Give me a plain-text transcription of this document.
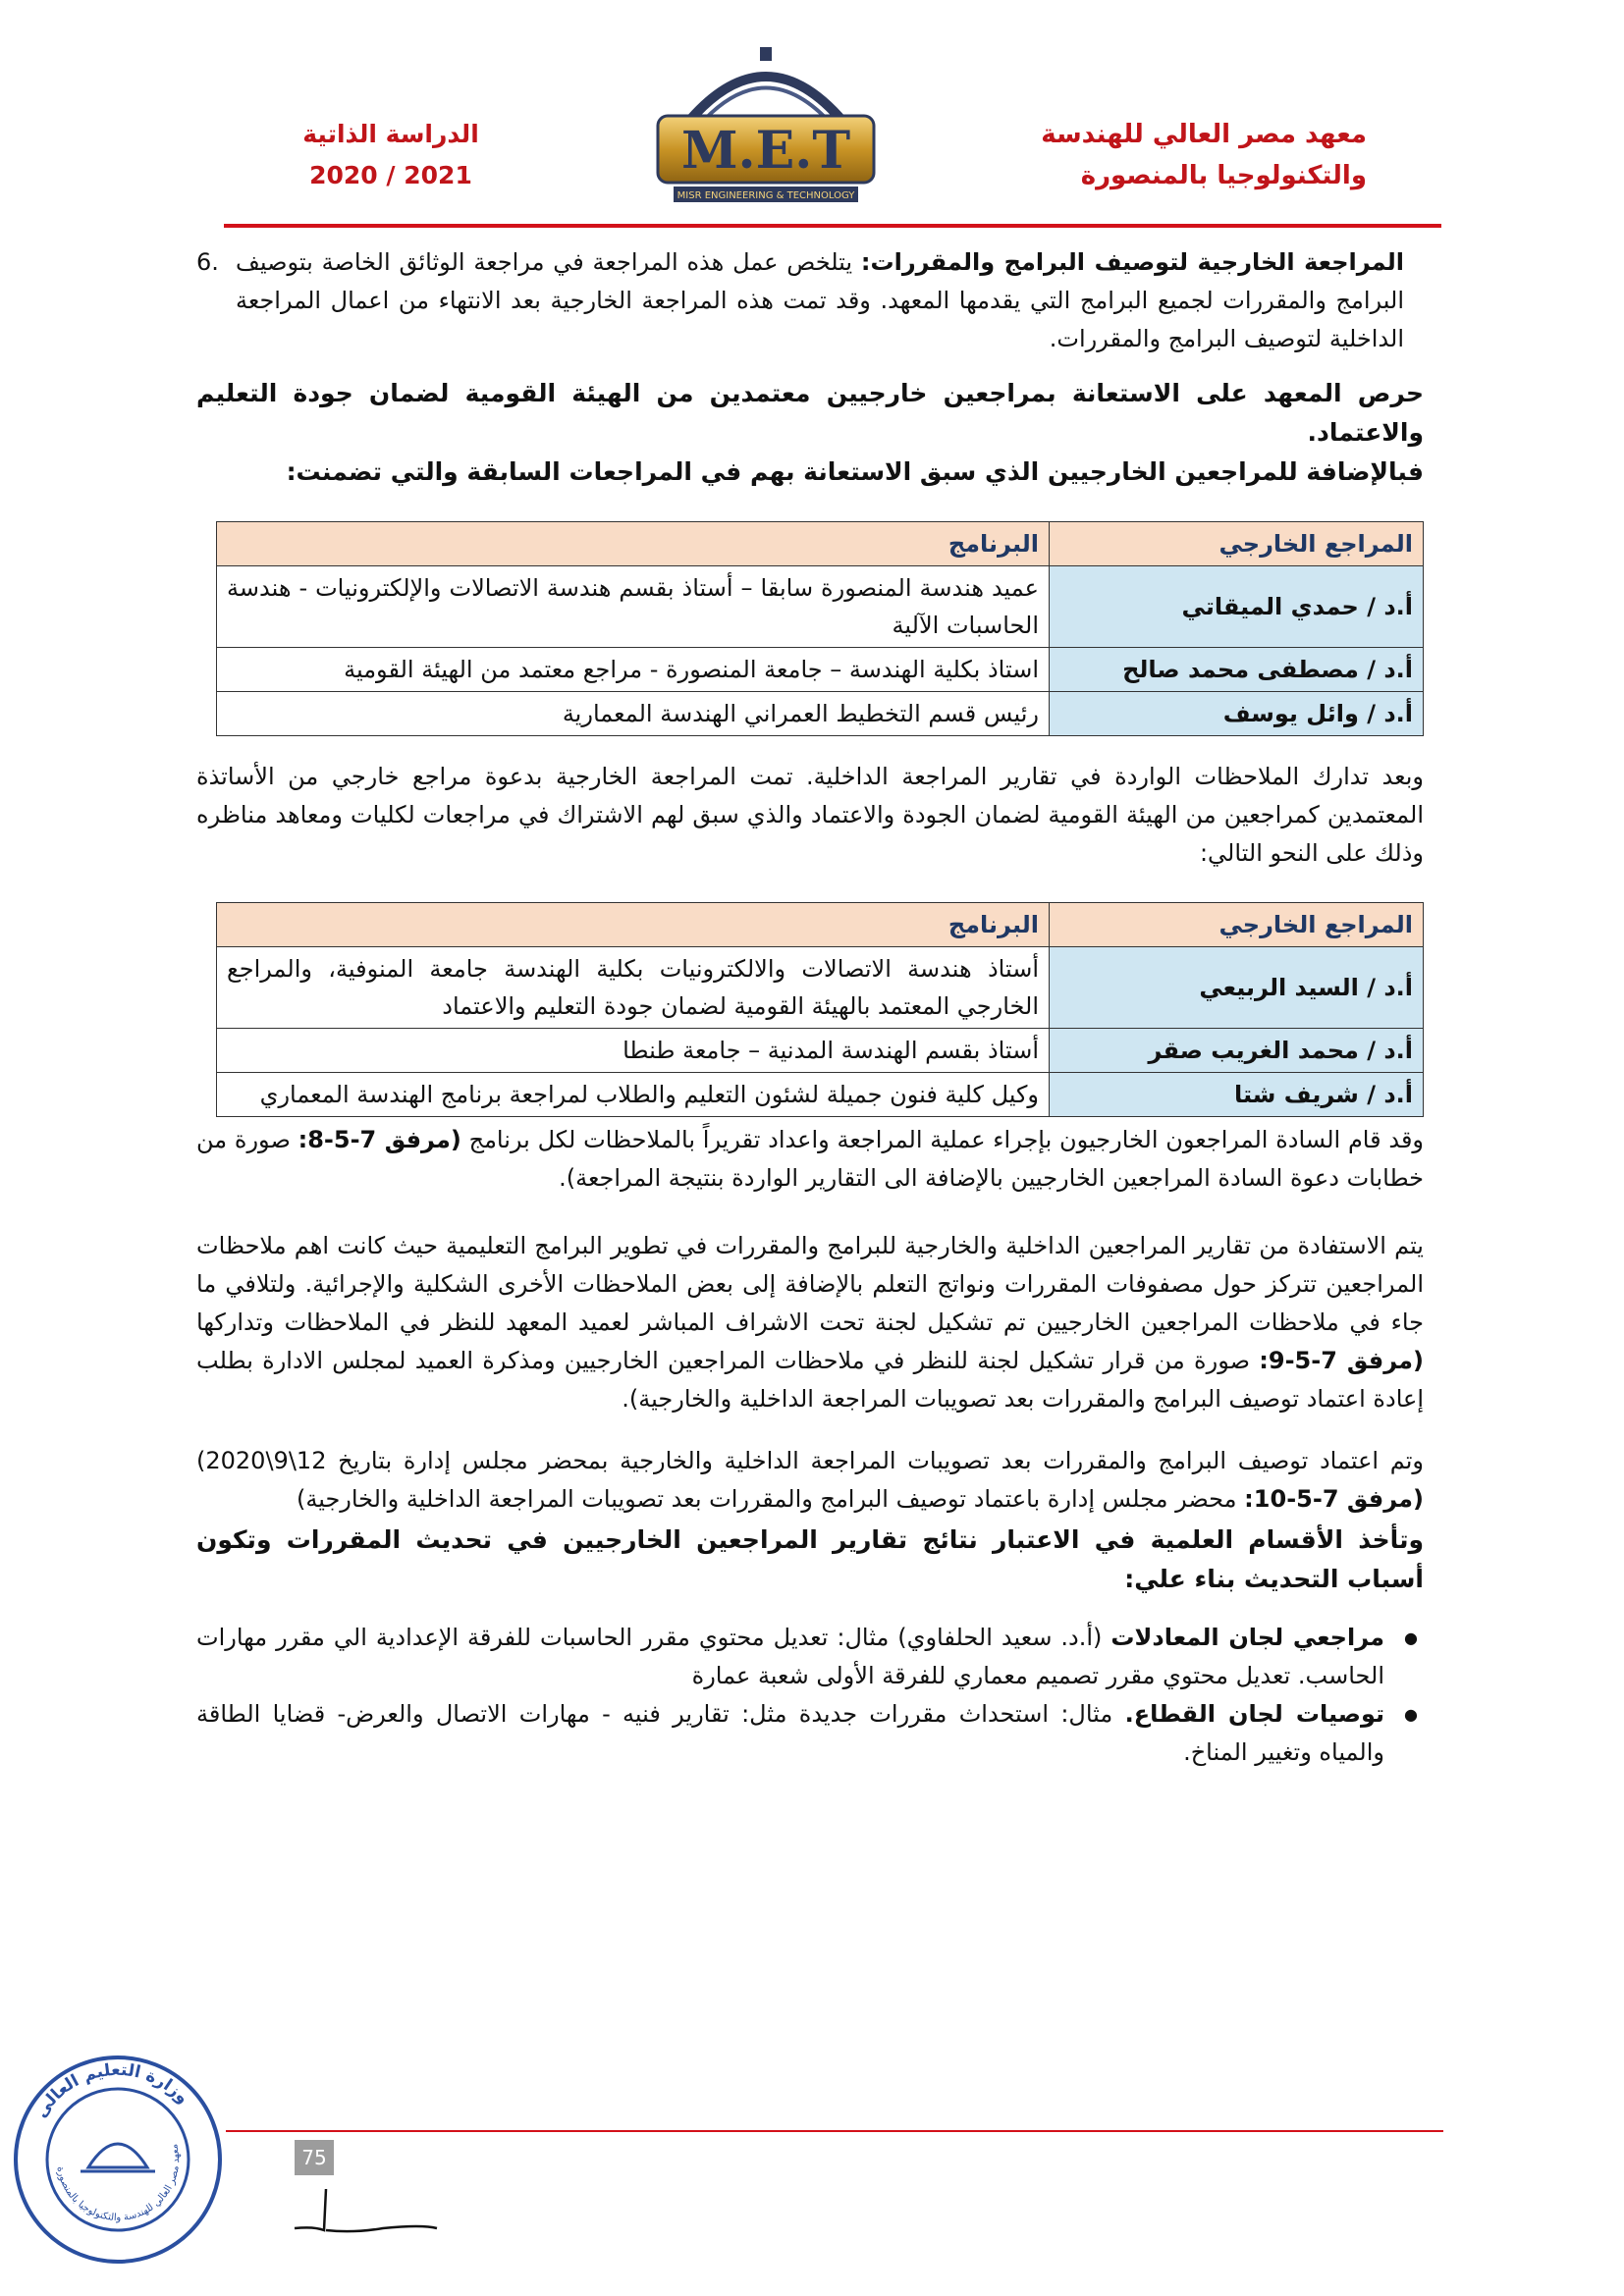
معهد مصر العالي للهندسة
والتكنولوجيا بالمنصورة
M.E.T
MISR ENGINEERING & TECHNOLOGY
الدراسة الذاتية
2021 / 2020

المراجعة الخارجية لتوصيف البرامج والمقررات: يتلخص عمل هذه المراجعة في مراجعة الوثائق الخاصة بتوصيف البرامج والمقررات لجميع البرامج التي يقدمها المعهد. وقد تمت هذه المراجعة الخارجية بعد الانتهاء من اعمال المراجعة الداخلية لتوصيف البرامج والمقررات.

.6

حرص المعهد على الاستعانة بمراجعين خارجيين معتمدين من الهيئة القومية لضمان جودة التعليم والاعتماد.
فبالإضافة للمراجعين الخارجيين الذي سبق الاستعانة بهم في المراجعات السابقة والتي تضمنت:

المراجع الخارجي	البرنامج
أ.د / حمدي الميقاتي	عميد هندسة المنصورة سابقا – أستاذ بقسم هندسة الاتصالات والإلكترونيات - هندسة الحاسبات الآلية
أ.د / مصطفى محمد صالح	استاذ بكلية الهندسة – جامعة المنصورة - مراجع معتمد من الهيئة القومية
أ.د / وائل يوسف	رئيس قسم التخطيط العمراني الهندسة المعمارية

وبعد تدارك الملاحظات الواردة في تقارير المراجعة الداخلية. تمت المراجعة الخارجية بدعوة مراجع خارجي من الأساتذة المعتمدين كمراجعين من الهيئة القومية لضمان الجودة والاعتماد والذي سبق لهم الاشتراك في مراجعات لكليات ومعاهد مناظره وذلك على النحو التالي:

المراجع الخارجي	البرنامج
أ.د / السيد الربيعي	أستاذ هندسة الاتصالات والالكترونيات بكلية الهندسة جامعة المنوفية، والمراجع الخارجي المعتمد بالهيئة القومية لضمان جودة التعليم والاعتماد
أ.د / محمد الغريب صقر	أستاذ بقسم الهندسة المدنية – جامعة طنطا
أ.د / شريف شتا	وكيل كلية فنون جميلة لشئون التعليم والطلاب لمراجعة برنامج الهندسة المعماري

وقد قام السادة المراجعون الخارجيون بإجراء عملية المراجعة واعداد تقريراً بالملاحظات لكل برنامج (مرفق 7-5-8: صورة من خطابات دعوة السادة المراجعين الخارجيين بالإضافة الى التقارير الواردة بنتيجة المراجعة).

يتم الاستفادة من تقارير المراجعين الداخلية والخارجية للبرامج والمقررات في تطوير البرامج التعليمية حيث كانت اهم ملاحظات المراجعين تتركز حول مصفوفات المقررات ونواتج التعلم بالإضافة إلى بعض الملاحظات الأخرى الشكلية والإجرائية. ولتلافي ما جاء في ملاحظات المراجعين الخارجيين تم تشكيل لجنة تحت الاشراف المباشر لعميد المعهد للنظر في الملاحظات وتداركها (مرفق 7-5-9: صورة من قرار تشكيل لجنة للنظر في ملاحظات المراجعين الخارجيين ومذكرة العميد لمجلس الادارة بطلب إعادة اعتماد توصيف البرامج والمقررات بعد تصويبات المراجعة الداخلية والخارجية).

وتم اعتماد توصيف البرامج والمقررات بعد تصويبات المراجعة الداخلية والخارجية بمحضر مجلس إدارة بتاريخ 12\9\2020) (مرفق 7-5-10: محضر مجلس إدارة باعتماد توصيف البرامج والمقررات بعد تصويبات المراجعة الداخلية والخارجية)

وتأخذ الأقسام العلمية في الاعتبار نتائج تقارير المراجعين الخارجيين في تحديث المقررات وتكون أسباب التحديث بناء علي:

● مراجعي لجان المعادلات (أ.د. سعيد الحلفاوي) مثال: تعديل محتوي مقرر الحاسبات للفرقة الإعدادية الي مقرر مهارات الحاسب. تعديل محتوي مقرر تصميم معماري للفرقة الأولى شعبة عمارة
● توصيات لجان القطاع. مثال: استحداث مقررات جديدة مثل: تقارير فنيه - مهارات الاتصال والعرض- قضايا الطاقة والمياه وتغيير المناخ.
75
وزارة التعليم العالى
معهد مصر العالي للهندسة والتكنولوجيا بالمنصورة
